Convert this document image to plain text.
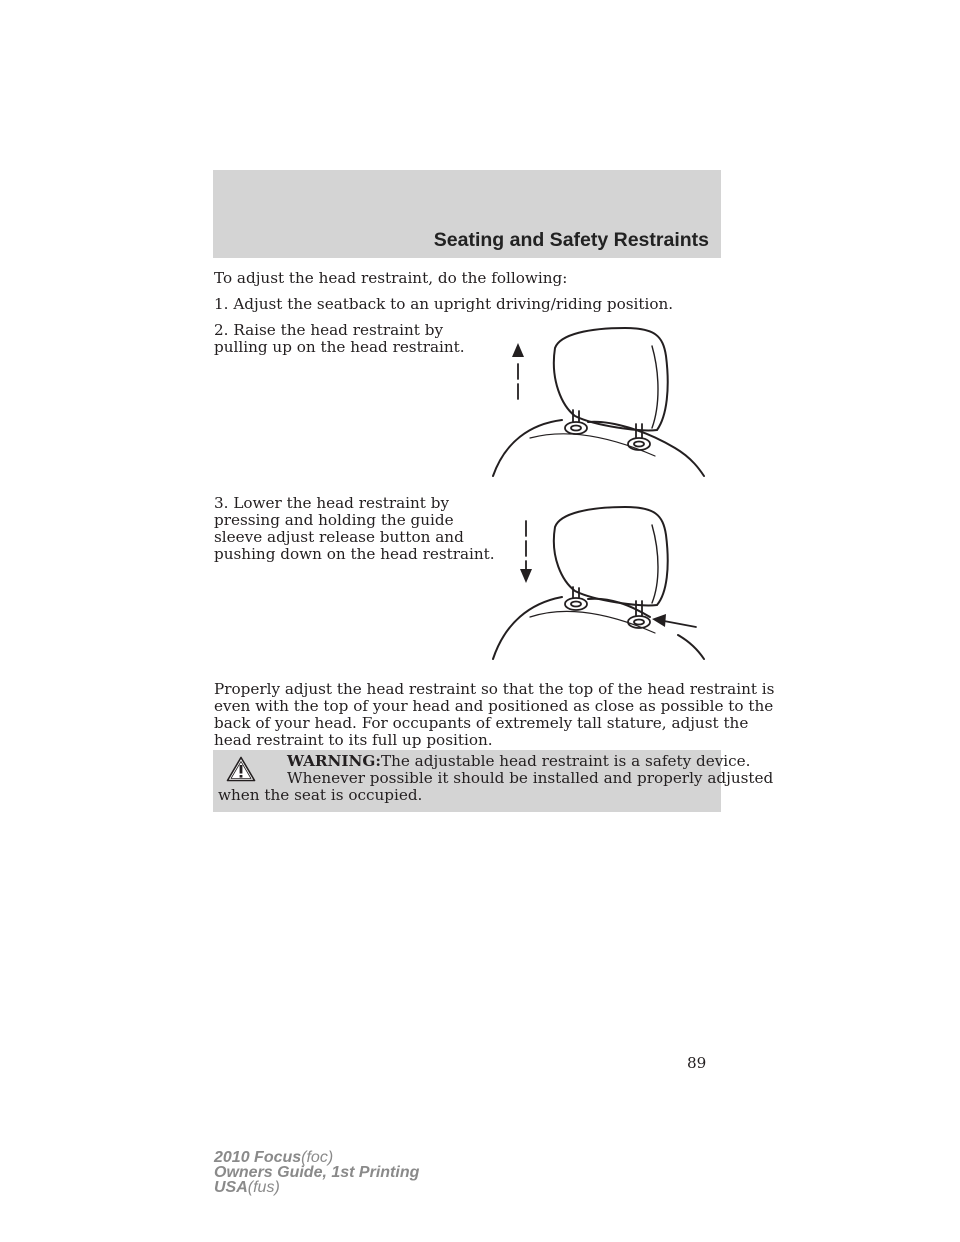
Seating and Safety Restraints

To adjust the head restraint, do the following:

1. Adjust the seatback to an upright driving/riding position.

2. Raise the head restraint by

pulling up on the head restraint.

3. Lower the head restraint by

pressing and holding the guide

sleeve adjust release button and

pushing down on the head restraint.

Properly adjust the head restraint so that the top of the head restraint is

even with the top of your head and positioned as close as possible to the

back of your head. For occupants of extremely tall stature, adjust the

head restraint to its full up position.

WARNING:The adjustable head restraint is a safety device.
Whenever possible it should be installed and properly adjusted
when the seat is occupied.
89
2010 Focus(foc)
Owners Guide, 1st Printing
USA(fus)
